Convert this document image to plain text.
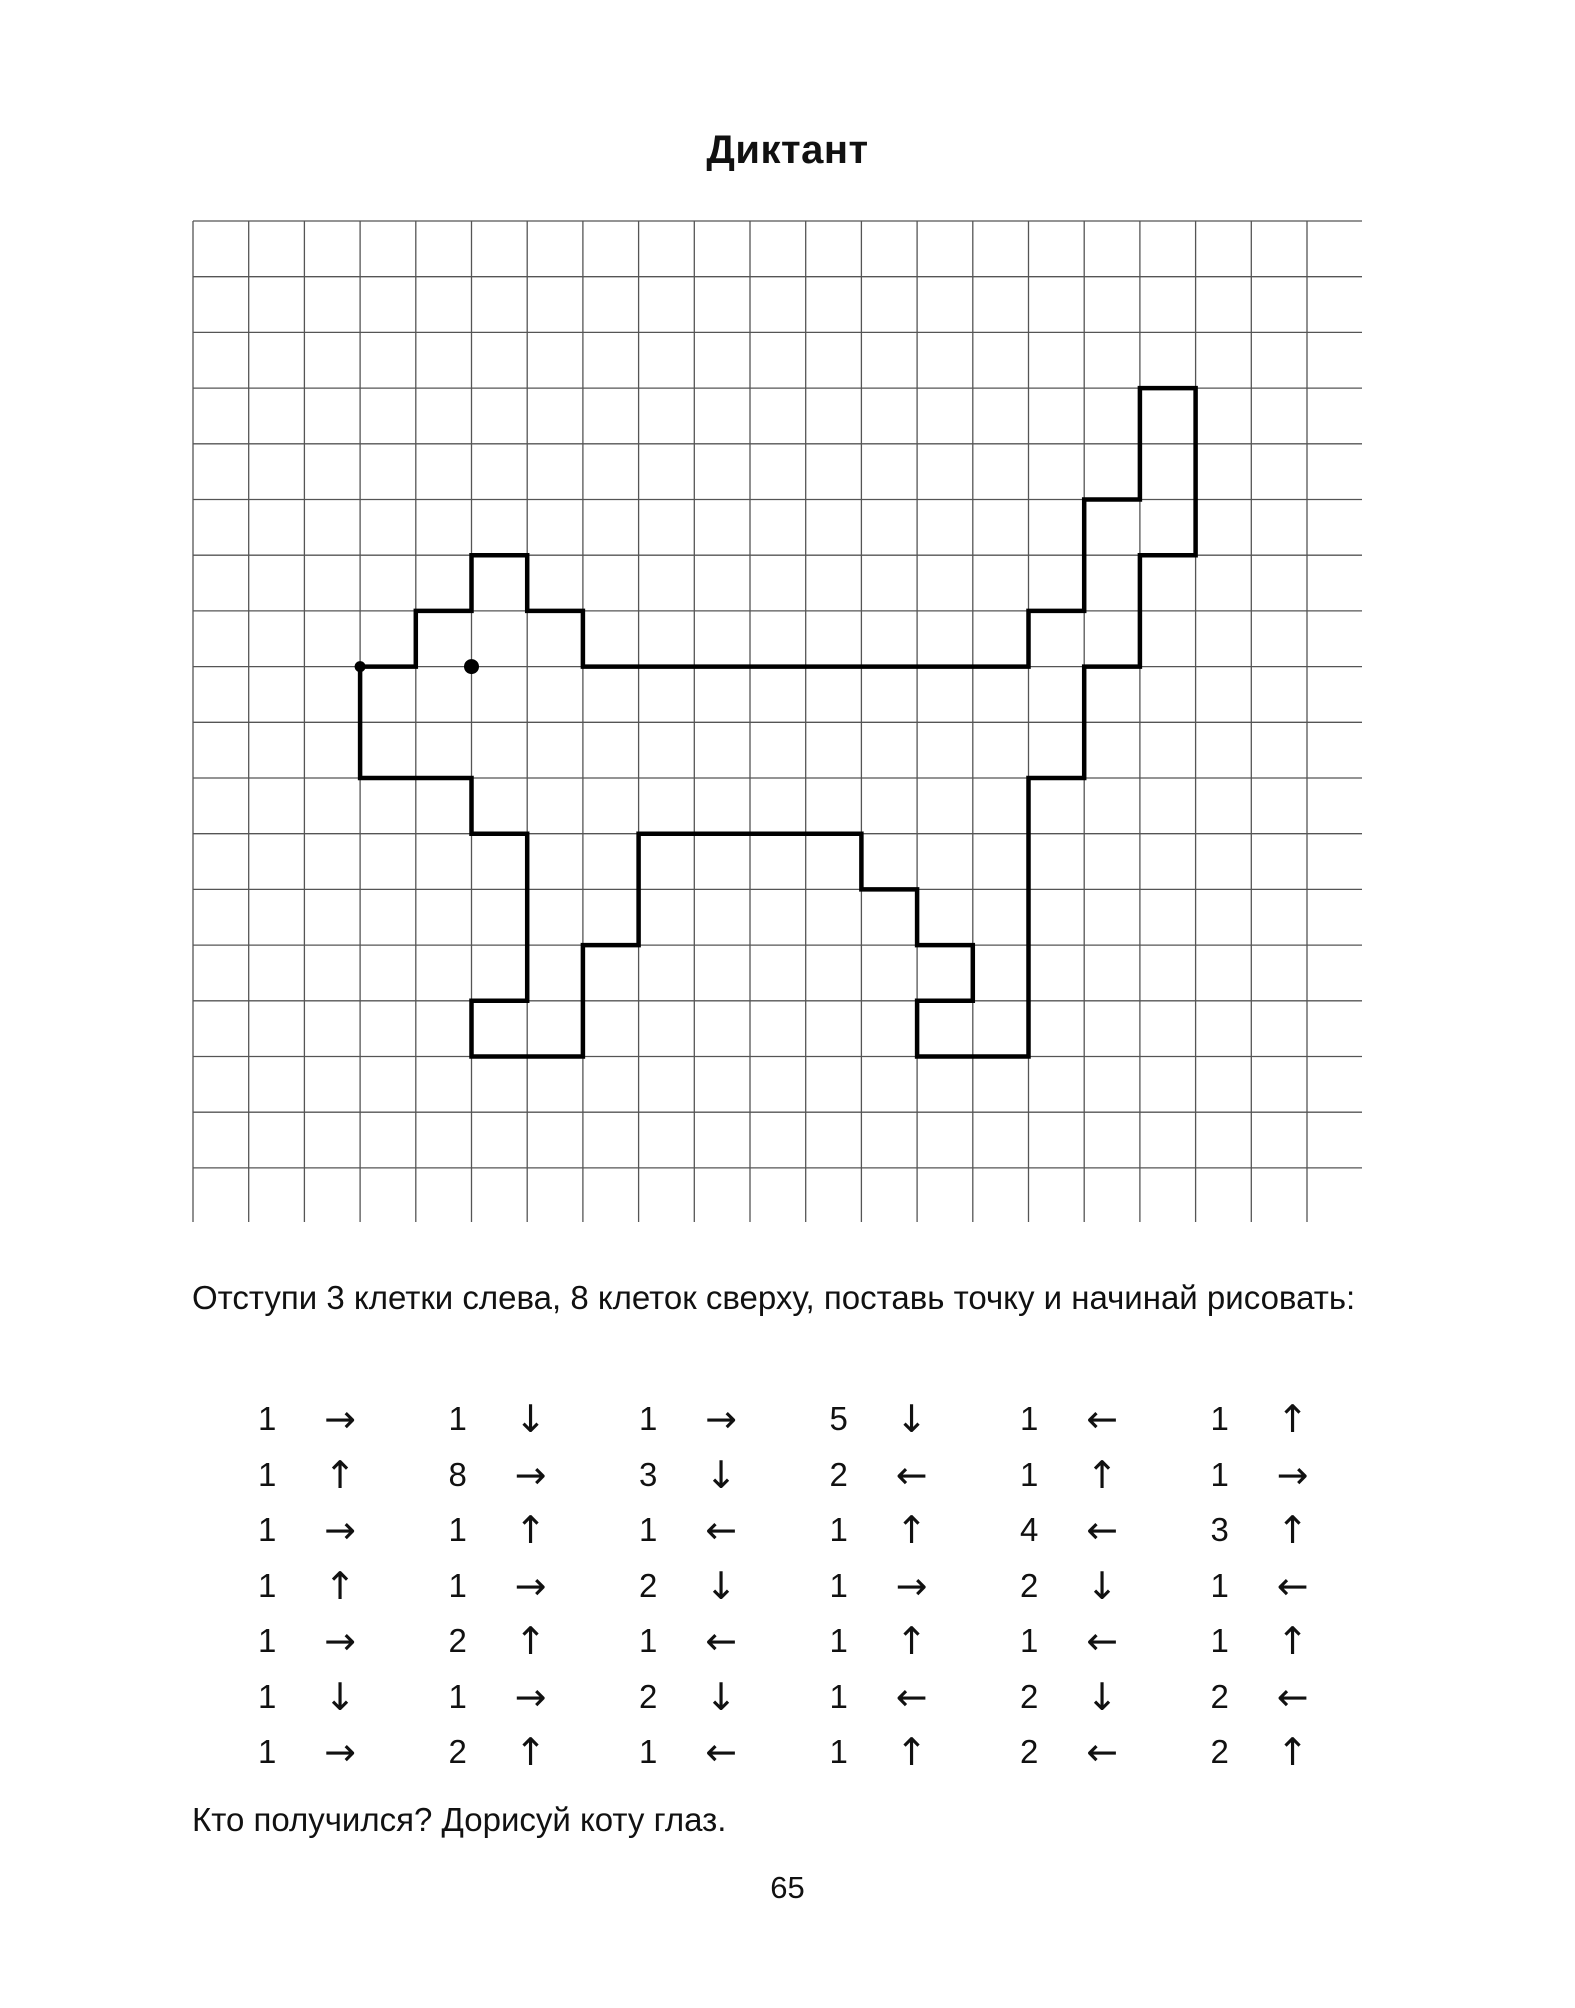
Диктант
Отступи 3 клетки слева, 8 клеток сверху, поставь точку и начинай рисовать:
1 →
1 ↑
1 →
1 ↑
1 →
1 ↓
1 →
1 ↓
8 →
1 ↑
1 →
2 ↑
1 →
2 ↑
1 →
3 ↓
1 ←
2 ↓
1 ←
2 ↓
1 ←
5 ↓
2 ←
1 ↑
1 →
1 ↑
1 ←
1 ↑
1 ←
1 ↑
4 ←
2 ↓
1 ←
2 ↓
2 ←
1 ↑
1 →
3 ↑
1 ←
1 ↑
2 ←
2 ↑
Кто получился? Дорисуй коту глаз.
65
